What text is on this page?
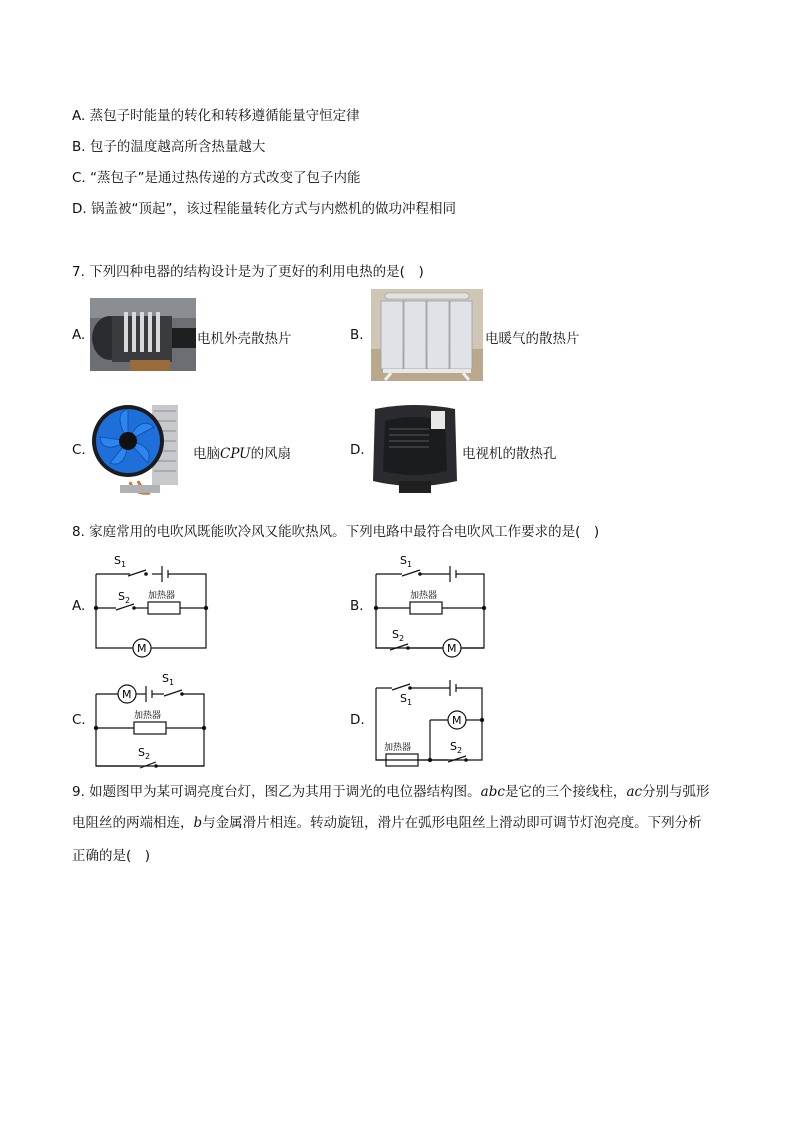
A. 蒸包子时能量的转化和转移遵循能量守恒定律
B. 包子的温度越高所含热量越大
C. “蒸包子”是通过热传递的方式改变了包子内能
D. 锅盖被“顶起”，该过程能量转化方式与内燃机的做功冲程相同
7. 下列四种电器的结构设计是为了更好的利用电热的是(　)
A.	电机外壳散热片	B.	电暖气的散热片
C.	电脑CPU的风扇	D.	电视机的散热孔
8. 家庭常用的电吹风既能吹冷风又能吹热风。下列电路中最符合电吹风工作要求的是(　)
A.
$S_1$
$S_2$ 加热器
M
B.
$S_1$
$S_2$
加热器
M
C.
$S_1$
$S_2$
加热器
M
D.
$S_1$
$S_2$
加热器
M
9. 如题图甲为某可调亮度台灯，图乙为其用于调光的电位器结构图。abc是它的三个接线柱，ac分别与弧形
电阻丝的两端相连，b与金属滑片相连。转动旋钮，滑片在弧形电阻丝上滑动即可调节灯泡亮度。下列分析
正确的是(　)
